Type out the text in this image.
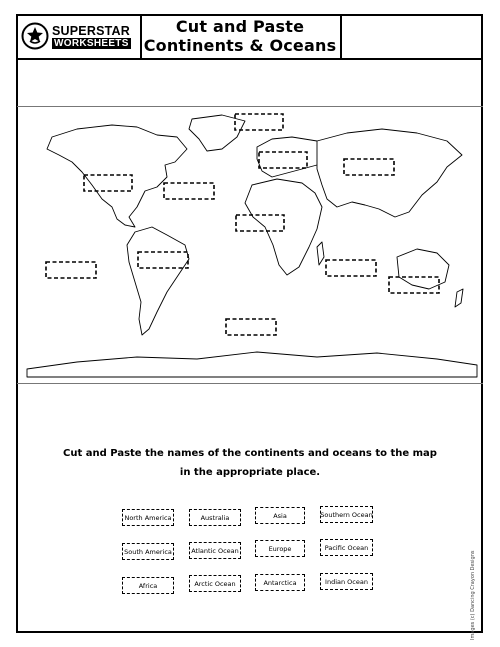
SUPERSTAR
WORKSHEETS
Cut and Paste
Continents & Oceans
Cut and Paste the names of the continents and oceans to the map
in the appropriate place.
North America	Australia	Asia	Southern Ocean
South America	Atlantic Ocean	Europe	Pacific Ocean
Africa	Arctic Ocean	Antarctica	Indian Ocean	Images (c) Dancing Crayon Designs
